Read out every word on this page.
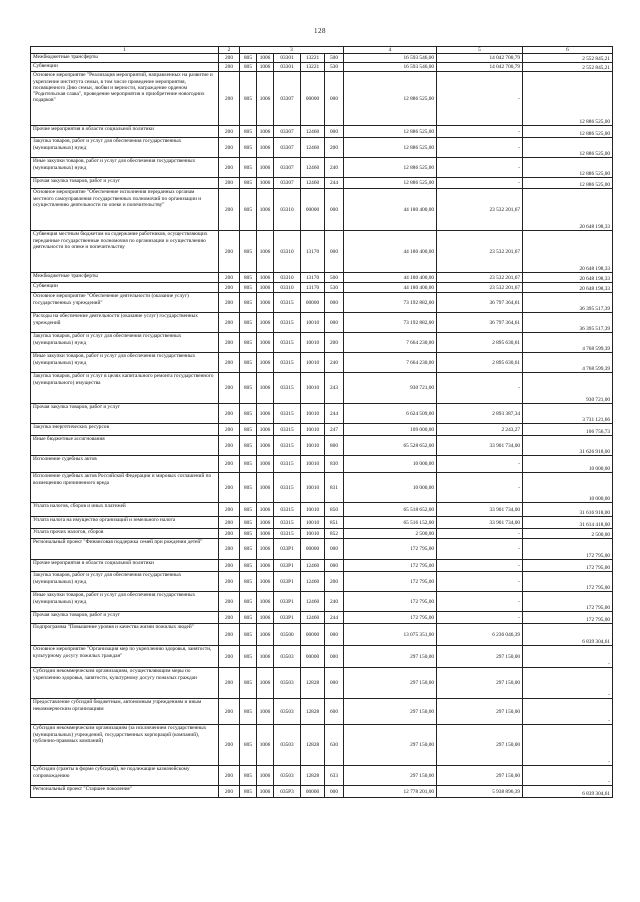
128
1	2	3					4	5	6
Межбюджетные трансферты	200	805	1006	03301	13221	500	16 593 546,00	14 042 700,79	2 552 845,21
Субвенции	200	805	1006	03301	13221	530	16 593 546,00	14 042 700,79	2 552 845,21
Основное мероприятие "Реализация мероприятий, направленных на развитие и укрепление института семьи, в том числе проведение мероприятия, посвященного Дню семьи, любви и верности, награждение орденом "Родительская слава", проведение мероприятия и приобретение новогодних подарков"	200	805	1006	03307	00000	000	12 886 525,00	-	12 886 525,00
Прочие мероприятия в области социальной политики	200	805	1006	03307	12460	000	12 886 525,00	-	12 886 525,00
Закупка товаров, работ и услуг для обеспечения государственных (муниципальных) нужд	200	805	1006	03307	12460	200	12 886 525,00	-	12 886 525,00
Иные закупки товаров, работ и услуг для обеспечения государственных (муниципальных) нужд	200	805	1006	03307	12460	240	12 886 525,00	-	12 886 525,00
Прочая закупка товаров, работ и услуг	200	805	1006	03307	12460	244	12 886 525,00	-	12 886 525,00
Основное мероприятие "Обеспечение исполнения переданных органам местного самоуправления государственных полномочий по организации и осуществлению деятельности по опеке и попечительству"	200	805	1006	03310	00000	000	44 180 400,00	23 532 201,67	20 648 198,33
Субвенция местным бюджетам на содержание работников, осуществляющих переданные государственные полномочия по организации и осуществлению деятельности по опеке и попечительству	200	805	1006	03310	13170	000	44 180 400,00	23 532 201,67	20 648 198,33
Межбюджетные трансферты	200	805	1006	03310	13170	500	44 180 400,00	23 532 201,67	20 648 198,33
Субвенции	200	805	1006	03310	13170	530	44 180 400,00	23 532 201,67	20 648 198,33
Основное мероприятие "Обеспечение деятельности (оказание услуг) государственных учреждений"	200	805	1006	03315	00000	000	73 192 882,00	36 797 364,61	36 395 517,39
Расходы на обеспечение деятельности (оказание услуг) государственных учреждений	200	805	1006	03315	10010	000	73 192 882,00	36 797 364,61	36 395 517,39
Закупка товаров, работ и услуг для обеспечения государственных (муниципальных) нужд	200	805	1006	03315	10010	200	7 664 230,00	2 895 630,61	4 768 599,39
Иные закупки товаров, работ и услуг для обеспечения государственных (муниципальных) нужд	200	805	1006	03315	10010	240	7 664 230,00	2 895 630,61	4 768 599,39
Закупка товаров, работ и услуг в целях капитального ремонта государственного (муниципального) имущества	200	805	1006	03315	10010	243	930 721,00	-	930 721,00
Прочая закупка товаров, работ и услуг	200	805	1006	03315	10010	244	6 624 509,00	2 893 387,34	3 731 121,66
Закупка энергетических ресурсов	200	805	1006	03315	10010	247	109 000,00	2 243,27	106 756,73
Иные бюджетные ассигнования	200	805	1006	03315	10010	800	65 528 652,00	33 901 734,00	31 626 918,00
Исполнение судебных актов	200	805	1006	03315	10010	830	10 000,00	-	10 000,00
Исполнение судебных актов Российской Федерации и мировых соглашений по возмещению причиненного вреда	200	805	1006	03315	10010	831	10 000,00	-	10 000,00
Уплата налогов, сборов и иных платежей	200	805	1006	03315	10010	850	65 518 652,00	33 901 734,00	31 616 918,00
Уплата налога на имущество организаций и земельного налога	200	805	1006	03315	10010	851	65 516 152,00	33 901 734,00	31 614 418,00
Уплата прочих налогов, сборов	200	805	1006	03315	10010	852	2 500,00	-	2 500,00
Региональный проект "Финансовая поддержка семей при рождении детей"	200	805	1006	033P1	00000	000	172 795,00	-	172 795,00
Прочие мероприятия в области социальной политики	200	805	1006	033P1	12460	000	172 795,00	-	172 795,00
Закупка товаров, работ и услуг для обеспечения государственных (муниципальных) нужд	200	805	1006	033P1	12460	200	172 795,00	-	172 795,00
Иные закупки товаров, работ и услуг для обеспечения государственных (муниципальных) нужд	200	805	1006	033P1	12460	240	172 795,00	-	172 795,00
Прочая закупка товаров, работ и услуг	200	805	1006	033P1	12460	244	172 795,00	-	172 795,00
Подпрограмма "Повышение уровня и качества жизни пожилых людей"	200	805	1006	03500	00000	000	13 075 351,00	6 236 046,39	6 839 304,61
Основное мероприятие "Организация мер по укреплению здоровья, занятости, культурному досугу пожилых граждан"	200	805	1006	03503	00000	000	297 150,00	297 150,00	-
Субсидии некоммерческим организациям, осуществляющим меры по укреплению здоровья, занятости, культурному досугу пожилых граждан	200	805	1006	03503	12828	000	297 150,00	297 150,00	-
Предоставление субсидий бюджетным, автономным учреждениям и иным некоммерческим организациям	200	805	1006	03503	12828	600	297 150,00	297 150,00	-
Субсидии некоммерческим организациям (за исключением государственных (муниципальных) учреждений, государственных корпораций (компаний), публично-правовых компаний)	200	805	1006	03503	12828	630	297 150,00	297 150,00	-
Субсидии (гранты в форме субсидий), не подлежащие казначейскому сопровождению	200	805	1006	03503	12828	633	297 150,00	297 150,00	-
Региональный проект "Старшее поколение"	200	805	1006	035P3	00000	000	12 778 201,00	5 938 896,39	6 839 304,61
